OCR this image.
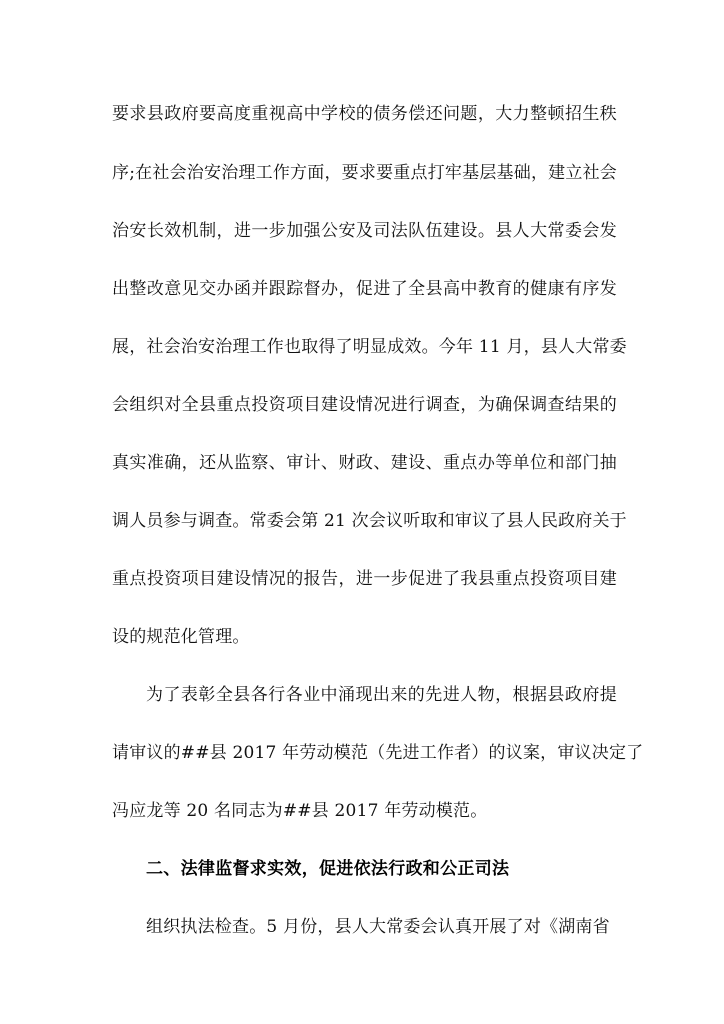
要求县政府要高度重视高中学校的债务偿还问题，大力整顿招生秩
序;在社会治安治理工作方面，要求要重点打牢基层基础，建立社会
治安长效机制，进一步加强公安及司法队伍建设。县人大常委会发
出整改意见交办函并跟踪督办，促进了全县高中教育的健康有序发
展，社会治安治理工作也取得了明显成效。今年 11 月，县人大常委
会组织对全县重点投资项目建设情况进行调查，为确保调查结果的
真实准确，还从监察、审计、财政、建设、重点办等单位和部门抽
调人员参与调查。常委会第 21 次会议听取和审议了县人民政府关于
重点投资项目建设情况的报告，进一步促进了我县重点投资项目建
设的规范化管理。
为了表彰全县各行各业中涌现出来的先进人物，根据县政府提
请审议的##县 2017 年劳动模范（先进工作者）的议案，审议决定了
冯应龙等 20 名同志为##县 2017 年劳动模范。
二、法律监督求实效，促进依法行政和公正司法
组织执法检查。5 月份，县人大常委会认真开展了对《湖南省
